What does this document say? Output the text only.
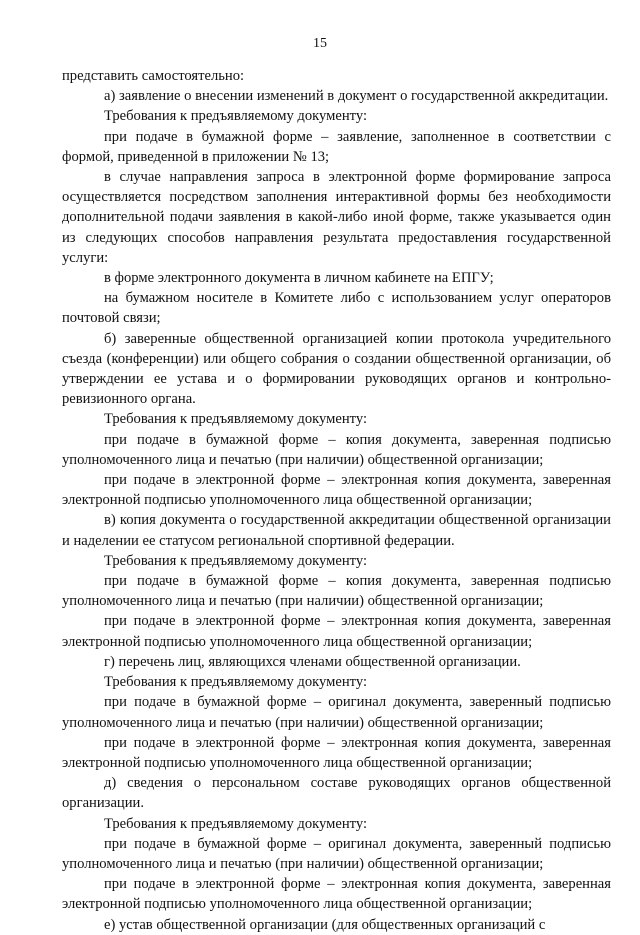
15

представить самостоятельно:

а) заявление о внесении изменений в документ о государственной аккредитации.

Требования к предъявляемому документу:

при подаче в бумажной форме – заявление, заполненное в соответствии с формой, приведенной в приложении № 13;

в случае направления запроса в электронной форме формирование запроса осуществляется посредством заполнения интерактивной формы без необходимости дополнительной подачи заявления в какой-либо иной форме, также указывается один из следующих способов направления результата предоставления государственной услуги:

в форме электронного документа в личном кабинете на ЕПГУ;

на бумажном носителе в Комитете либо с использованием услуг операторов почтовой связи;

б) заверенные общественной организацией копии протокола учредительного съезда (конференции) или общего собрания о создании общественной организации, об утверждении ее устава и о формировании руководящих органов и контрольно-ревизионного органа.

Требования к предъявляемому документу:

при подаче в бумажной форме – копия документа, заверенная подписью уполномоченного лица и печатью (при наличии) общественной организации;

при подаче в электронной форме – электронная копия документа, заверенная электронной подписью уполномоченного лица общественной организации;

в) копия документа о государственной аккредитации общественной организации и наделении ее статусом региональной спортивной федерации.

Требования к предъявляемому документу:

при подаче в бумажной форме – копия документа, заверенная подписью уполномоченного лица и печатью (при наличии) общественной организации;

при подаче в электронной форме – электронная копия документа, заверенная электронной подписью уполномоченного лица общественной организации;

г) перечень лиц, являющихся членами общественной организации.

Требования к предъявляемому документу:

при подаче в бумажной форме – оригинал документа, заверенный подписью уполномоченного лица и печатью (при наличии) общественной организации;

при подаче в электронной форме – электронная копия документа, заверенная электронной подписью уполномоченного лица общественной организации;

д) сведения о персональном составе руководящих органов общественной организации.

Требования к предъявляемому документу:

при подаче в бумажной форме – оригинал документа, заверенный подписью уполномоченного лица и печатью (при наличии) общественной организации;

при подаче в электронной форме – электронная копия документа, заверенная электронной подписью уполномоченного лица общественной организации;

е) устав общественной организации (для общественных организаций с
